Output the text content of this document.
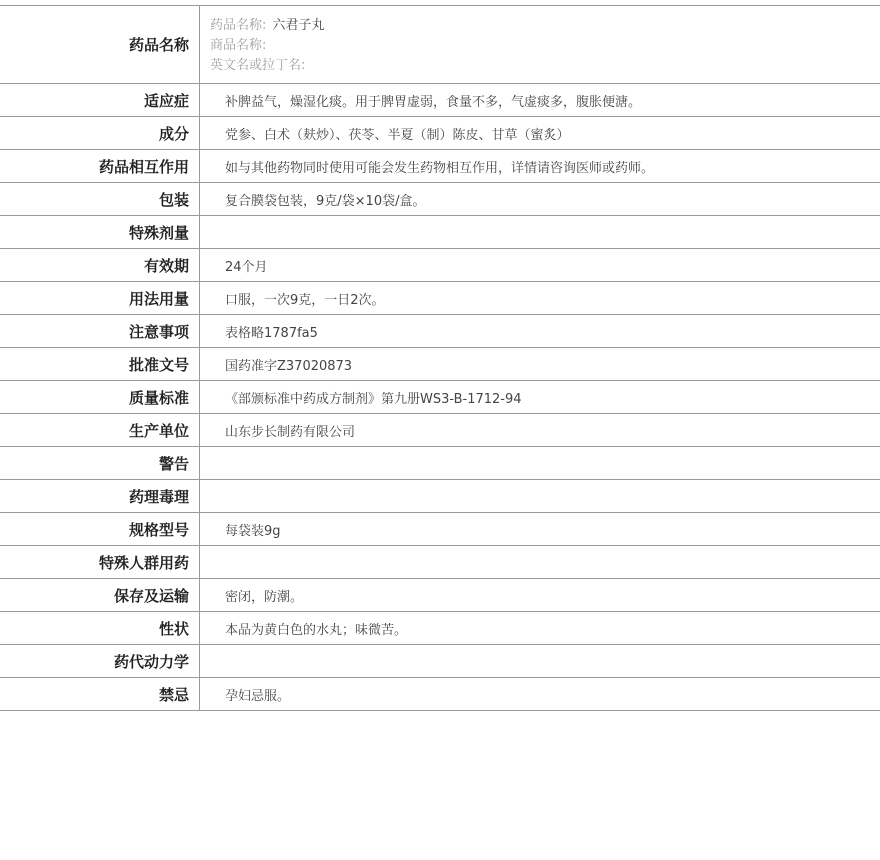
药品名称
药品名称: 六君子丸
商品名称:
英文名或拉丁名:
适应症	补脾益气，燥湿化痰。用于脾胃虚弱，食量不多，气虚痰多，腹胀便溏。
成分	党参、白术（麸炒）、茯苓、半夏（制）陈皮、甘草（蜜炙）
药品相互作用	如与其他药物同时使用可能会发生药物相互作用，详情请咨询医师或药师。
包装	复合膜袋包装，9克/袋×10袋/盒。
特殊剂量
有效期	24个月
用法用量	口服，一次9克，一日2次。
注意事项	表格略1787fa5
批准文号	国药准字Z37020873
质量标准	《部颁标准中药成方制剂》第九册WS3-B-1712-94
生产单位	山东步长制药有限公司
警告
药理毒理
规格型号	每袋装9g
特殊人群用药
保存及运输	密闭，防潮。
性状	本品为黄白色的水丸；味微苦。
药代动力学
禁忌	孕妇忌服。
